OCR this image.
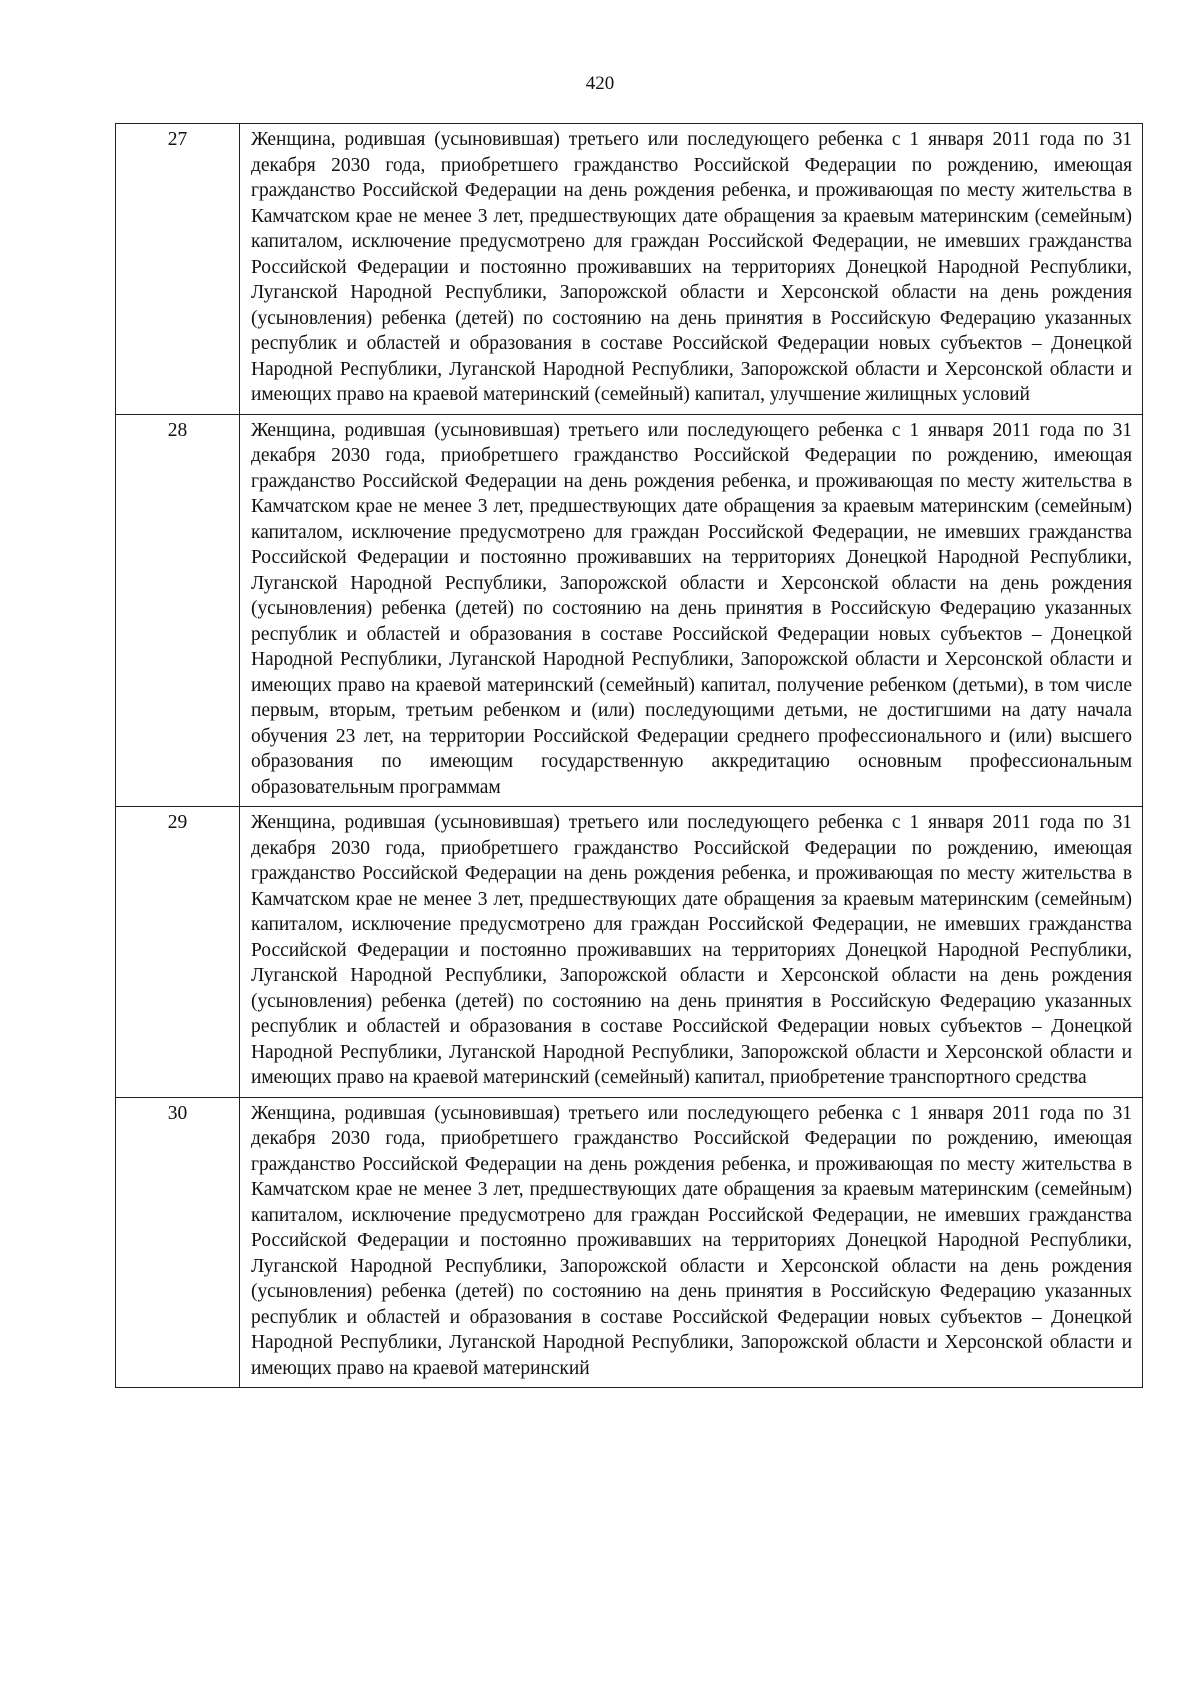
420
27	Женщина, родившая (усыновившая) третьего или последующего ребенка с 1 января 2011 года по 31 декабря 2030 года, приобретшего гражданство Российской Федерации по рождению, имеющая гражданство Российской Федерации на день рождения ребенка, и проживающая по месту жительства в Камчатском крае не менее 3 лет, предшествующих дате обращения за краевым материнским (семейным) капиталом, исключение предусмотрено для граждан Российской Федерации, не имевших гражданства Российской Федерации и постоянно проживавших на территориях Донецкой Народной Республики, Луганской Народной Республики, Запорожской области и Херсонской области на день рождения (усыновления) ребенка (детей) по состоянию на день принятия в Российскую Федерацию указанных республик и областей и образования в составе Российской Федерации новых субъектов – Донецкой Народной Республики, Луганской Народной Республики, Запорожской области и Херсонской области и имеющих право на краевой материнский (семейный) капитал, улучшение жилищных условий
28	Женщина, родившая (усыновившая) третьего или последующего ребенка с 1 января 2011 года по 31 декабря 2030 года, приобретшего гражданство Российской Федерации по рождению, имеющая гражданство Российской Федерации на день рождения ребенка, и проживающая по месту жительства в Камчатском крае не менее 3 лет, предшествующих дате обращения за краевым материнским (семейным) капиталом, исключение предусмотрено для граждан Российской Федерации, не имевших гражданства Российской Федерации и постоянно проживавших на территориях Донецкой Народной Республики, Луганской Народной Республики, Запорожской области и Херсонской области на день рождения (усыновления) ребенка (детей) по состоянию на день принятия в Российскую Федерацию указанных республик и областей и образования в составе Российской Федерации новых субъектов – Донецкой Народной Республики, Луганской Народной Республики, Запорожской области и Херсонской области и имеющих право на краевой материнский (семейный) капитал, получение ребенком (детьми), в том числе первым, вторым, третьим ребенком и (или) последующими детьми, не достигшими на дату начала обучения 23 лет, на территории Российской Федерации среднего профессионального и (или) высшего образования по имеющим государственную аккредитацию основным профессиональным образовательным программам
29	Женщина, родившая (усыновившая) третьего или последующего ребенка с 1 января 2011 года по 31 декабря 2030 года, приобретшего гражданство Российской Федерации по рождению, имеющая гражданство Российской Федерации на день рождения ребенка, и проживающая по месту жительства в Камчатском крае не менее 3 лет, предшествующих дате обращения за краевым материнским (семейным) капиталом, исключение предусмотрено для граждан Российской Федерации, не имевших гражданства Российской Федерации и постоянно проживавших на территориях Донецкой Народной Республики, Луганской Народной Республики, Запорожской области и Херсонской области на день рождения (усыновления) ребенка (детей) по состоянию на день принятия в Российскую Федерацию указанных республик и областей и образования в составе Российской Федерации новых субъектов – Донецкой Народной Республики, Луганской Народной Республики, Запорожской области и Херсонской области и имеющих право на краевой материнский (семейный) капитал, приобретение транспортного средства
30	Женщина, родившая (усыновившая) третьего или последующего ребенка с 1 января 2011 года по 31 декабря 2030 года, приобретшего гражданство Российской Федерации по рождению, имеющая гражданство Российской Федерации на день рождения ребенка, и проживающая по месту жительства в Камчатском крае не менее 3 лет, предшествующих дате обращения за краевым материнским (семейным) капиталом, исключение предусмотрено для граждан Российской Федерации, не имевших гражданства Российской Федерации и постоянно проживавших на территориях Донецкой Народной Республики, Луганской Народной Республики, Запорожской области и Херсонской области на день рождения (усыновления) ребенка (детей) по состоянию на день принятия в Российскую Федерацию указанных республик и областей и образования в составе Российской Федерации новых субъектов – Донецкой Народной Республики, Луганской Народной Республики, Запорожской области и Херсонской области и имеющих право на краевой материнский
